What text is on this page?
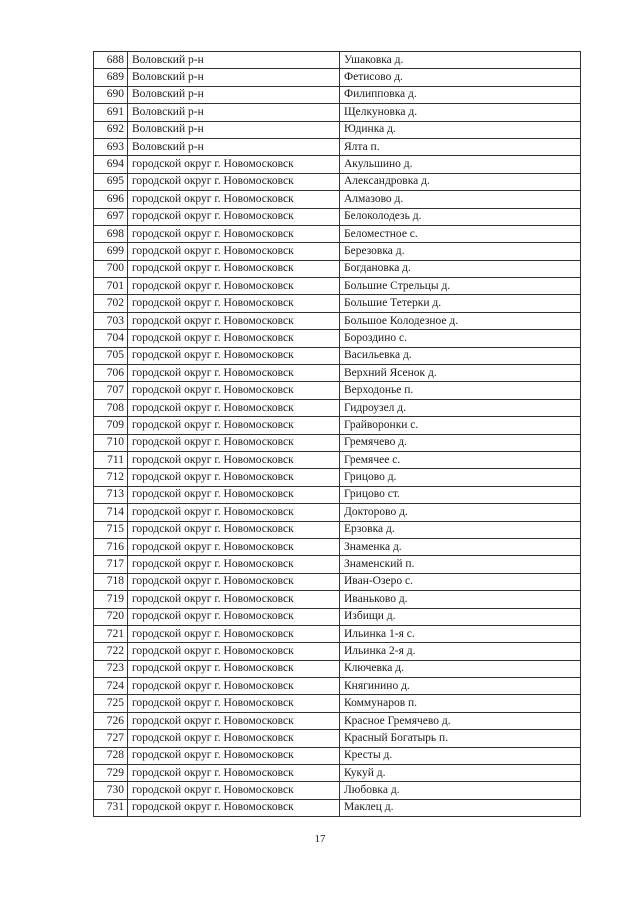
688	Воловский р-н	Ушаковка д.
689	Воловский р-н	Фетисово д.
690	Воловский р-н	Филипповка д.
691	Воловский р-н	Щелкуновка д.
692	Воловский р-н	Юдинка д.
693	Воловский р-н	Ялта п.
694	городской округ г. Новомосковск	Акульшино д.
695	городской округ г. Новомосковск	Александровка д.
696	городской округ г. Новомосковск	Алмазово д.
697	городской округ г. Новомосковск	Белоколодезь д.
698	городской округ г. Новомосковск	Беломестное с.
699	городской округ г. Новомосковск	Березовка д.
700	городской округ г. Новомосковск	Богдановка д.
701	городской округ г. Новомосковск	Большие Стрельцы д.
702	городской округ г. Новомосковск	Большие Тетерки д.
703	городской округ г. Новомосковск	Большое Колодезное д.
704	городской округ г. Новомосковск	Бороздино с.
705	городской округ г. Новомосковск	Васильевка д.
706	городской округ г. Новомосковск	Верхний Ясенок д.
707	городской округ г. Новомосковск	Верходонье п.
708	городской округ г. Новомосковск	Гидроузел д.
709	городской округ г. Новомосковск	Грайворонки с.
710	городской округ г. Новомосковск	Гремячево д.
711	городской округ г. Новомосковск	Гремячее с.
712	городской округ г. Новомосковск	Грицово д.
713	городской округ г. Новомосковск	Грицово ст.
714	городской округ г. Новомосковск	Докторово д.
715	городской округ г. Новомосковск	Ерзовка д.
716	городской округ г. Новомосковск	Знаменка д.
717	городской округ г. Новомосковск	Знаменский п.
718	городской округ г. Новомосковск	Иван-Озеро с.
719	городской округ г. Новомосковск	Иваньково д.
720	городской округ г. Новомосковск	Избищи д.
721	городской округ г. Новомосковск	Ильинка 1-я с.
722	городской округ г. Новомосковск	Ильинка 2-я д.
723	городской округ г. Новомосковск	Ключевка д.
724	городской округ г. Новомосковск	Княгинино д.
725	городской округ г. Новомосковск	Коммунаров п.
726	городской округ г. Новомосковск	Красное Гремячево д.
727	городской округ г. Новомосковск	Красный Богатырь п.
728	городской округ г. Новомосковск	Кресты д.
729	городской округ г. Новомосковск	Кукуй д.
730	городской округ г. Новомосковск	Любовка д.
731	городской округ г. Новомосковск	Маклец д.
17
